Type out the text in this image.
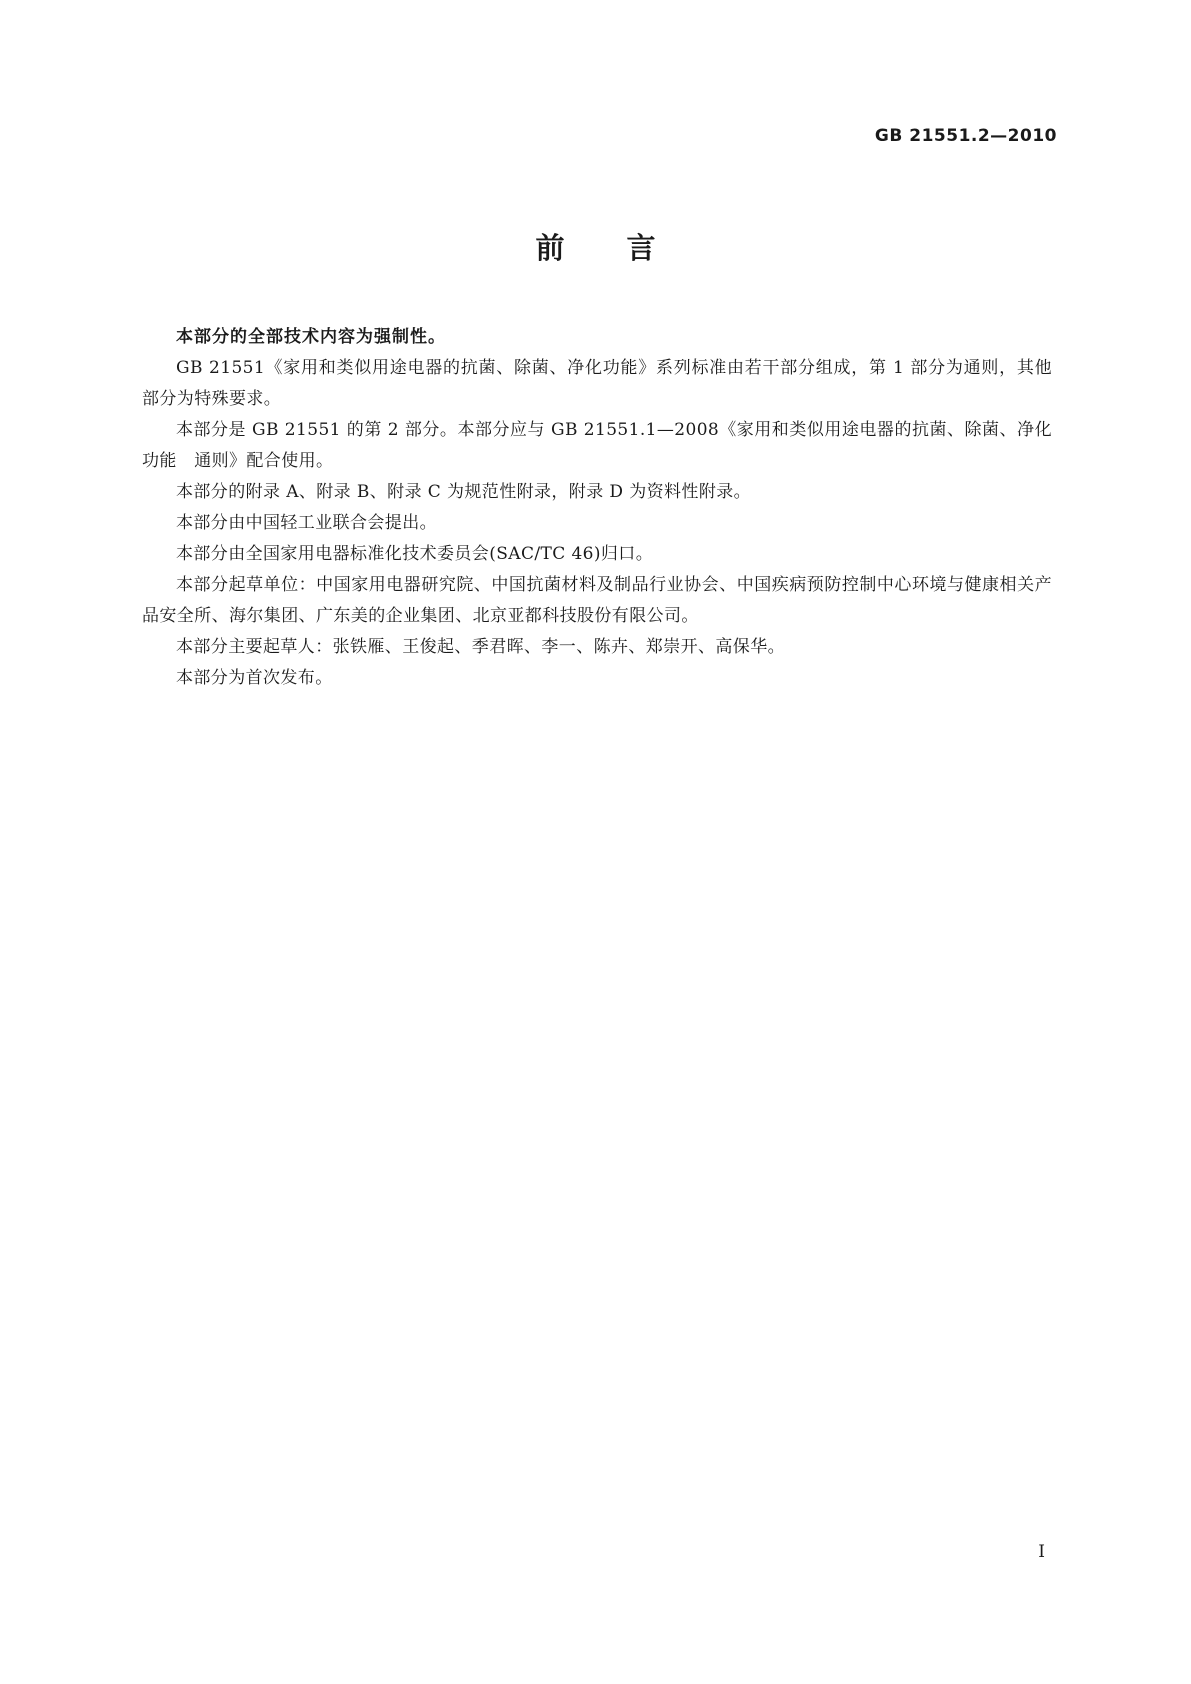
GB 21551.2—2010
前言

本部分的全部技术内容为强制性。

GB 21551《家用和类似用途电器的抗菌、除菌、净化功能》系列标准由若干部分组成，第 1 部分为通则，其他部分为特殊要求。

本部分是 GB 21551 的第 2 部分。本部分应与 GB 21551.1—2008《家用和类似用途电器的抗菌、除菌、净化功能　通则》配合使用。

本部分的附录 A、附录 B、附录 C 为规范性附录，附录 D 为资料性附录。

本部分由中国轻工业联合会提出。

本部分由全国家用电器标准化技术委员会(SAC/TC 46)归口。

本部分起草单位：中国家用电器研究院、中国抗菌材料及制品行业协会、中国疾病预防控制中心环境与健康相关产品安全所、海尔集团、广东美的企业集团、北京亚都科技股份有限公司。

本部分主要起草人：张铁雁、王俊起、季君晖、李一、陈卉、郑崇开、高保华。

本部分为首次发布。

I
